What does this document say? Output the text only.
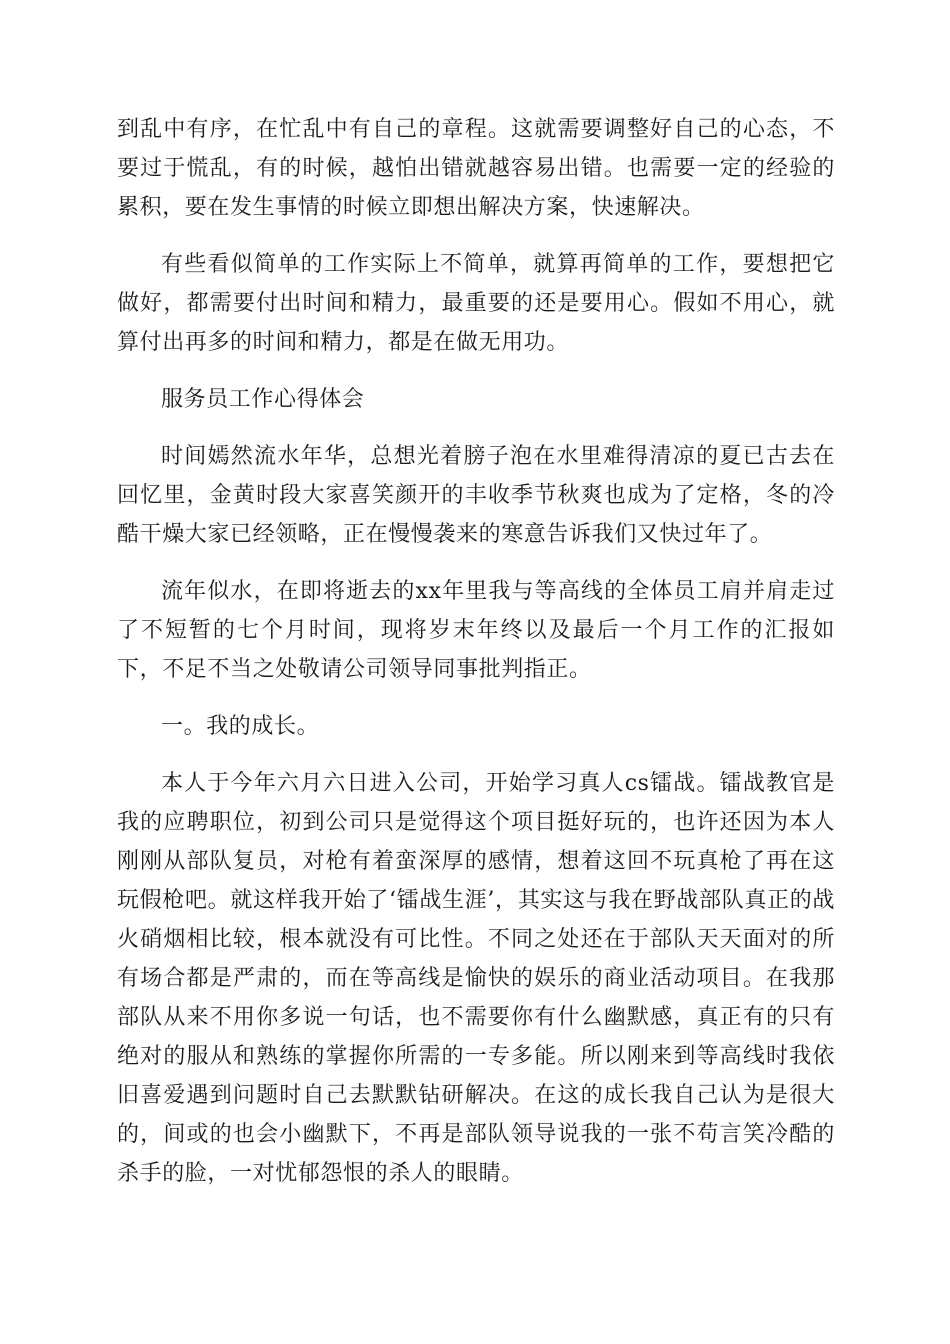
到乱中有序，在忙乱中有自己的章程。这就需要调整好自己的心态，不要过于慌乱，有的时候，越怕出错就越容易出错。也需要一定的经验的累积，要在发生事情的时候立即想出解决方案，快速解决。

有些看似简单的工作实际上不简单，就算再简单的工作，要想把它做好，都需要付出时间和精力，最重要的还是要用心。假如不用心，就算付出再多的时间和精力，都是在做无用功。

服务员工作心得体会

时间嫣然流水年华，总想光着膀子泡在水里难得清凉的夏已古去在回忆里，金黄时段大家喜笑颜开的丰收季节秋爽也成为了定格，冬的冷酷干燥大家已经领略，正在慢慢袭来的寒意告诉我们又快过年了。

流年似水，在即将逝去的xx年里我与等高线的全体员工肩并肩走过了不短暂的七个月时间，现将岁末年终以及最后一个月工作的汇报如下，不足不当之处敬请公司领导同事批判指正。

一。我的成长。

本人于今年六月六日进入公司，开始学习真人cs镭战。镭战教官是我的应聘职位，初到公司只是觉得这个项目挺好玩的，也许还因为本人刚刚从部队复员，对枪有着蛮深厚的感情，想着这回不玩真枪了再在这玩假枪吧。就这样我开始了‘镭战生涯’，其实这与我在野战部队真正的战火硝烟相比较，根本就没有可比性。不同之处还在于部队天天面对的所有场合都是严肃的，而在等高线是愉快的娱乐的商业活动项目。在我那部队从来不用你多说一句话，也不需要你有什么幽默感，真正有的只有绝对的服从和熟练的掌握你所需的一专多能。所以刚来到等高线时我依旧喜爱遇到问题时自己去默默钻研解决。在这的成长我自己认为是很大的，间或的也会小幽默下，不再是部队领导说我的一张不苟言笑冷酷的杀手的脸，一对忧郁怨恨的杀人的眼睛。
